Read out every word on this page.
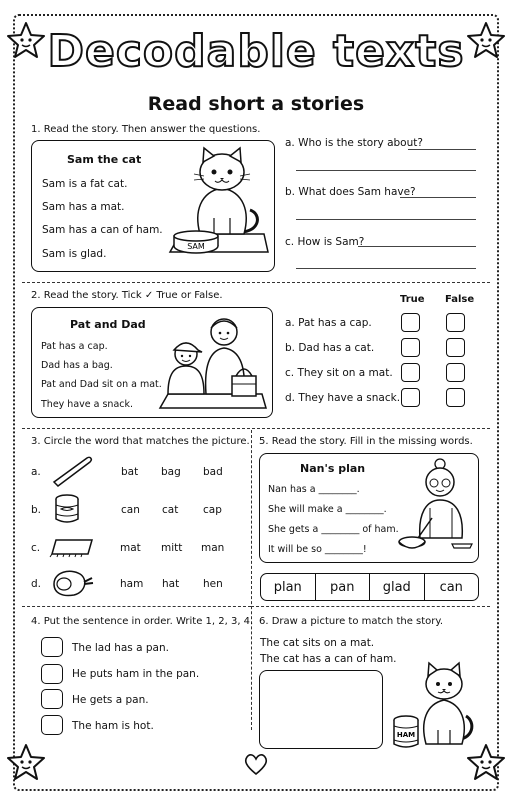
Decodable texts
Read short a stories
1. Read the story. Then answer the questions.
Sam the cat
Sam is a fat cat.
Sam has a mat.
Sam has a can of ham.
Sam is glad.
SAM
a. Who is the story about?
b. What does Sam have?
c. How is Sam?
2. Read the story. Tick ✓ True or False.	True False
Pat and Dad
Pat has a cap.
Dad has a bag.
Pat and Dad sit on a mat.
They have a snack.
a. Pat has a cap.
b. Dad has a cat.
c. They sit on a mat.
d. They have a snack.
3. Circle the word that matches the picture.
a.	bat bag bad
b.	can cat cap
c.	mat mitt man
d.	ham hat hen
4. Put the sentence in order. Write 1, 2, 3, 4.
The lad has a pan.
He puts ham in the pan.
He gets a pan.
The ham is hot.
5. Read the story. Fill in the missing words.
Nan's plan
Nan has a ________.
She will make a ________.
She gets a ________ of ham.
It will be so ________!
plan	pan	glad	can
6. Draw a picture to match the story.
The cat sits on a mat.
The cat has a can of ham.
HAM
